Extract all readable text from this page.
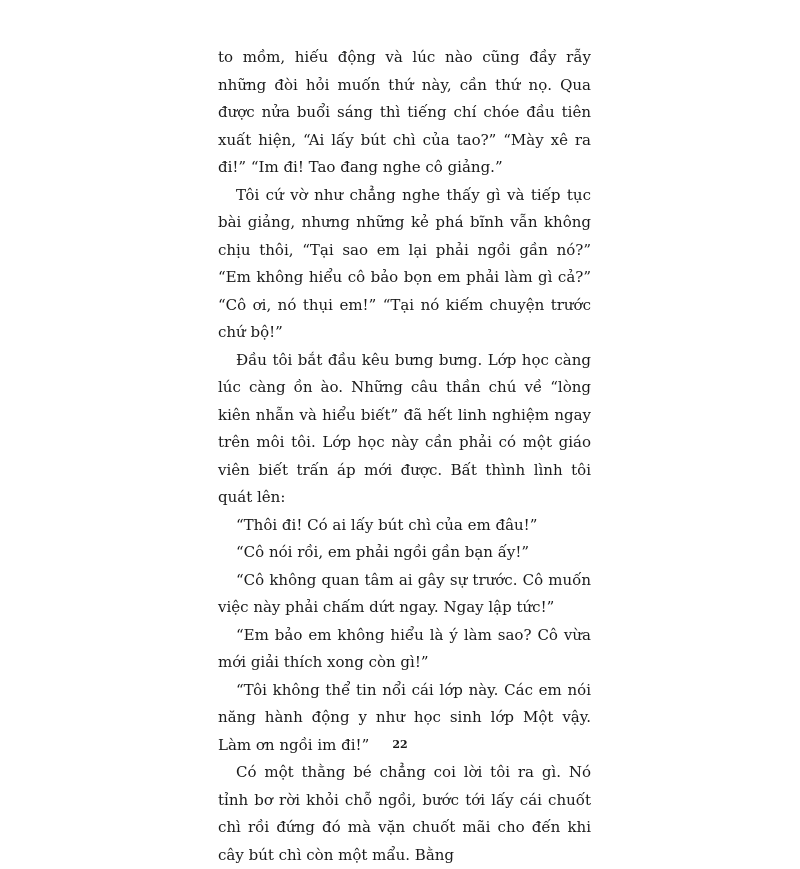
to mồm, hiếu động và lúc nào cũng đầy rẫy những đòi hỏi muốn thứ này, cần thứ nọ. Qua được nửa buổi sáng thì tiếng chí chóe đầu tiên xuất hiện, “Ai lấy bút chì của tao?” “Mày xê ra đi!” “Im đi! Tao đang nghe cô giảng.”

Tôi cứ vờ như chẳng nghe thấy gì và tiếp tục bài giảng, nhưng những kẻ phá bĩnh vẫn không chịu thôi, “Tại sao em lại phải ngồi gần nó?” “Em không hiểu cô bảo bọn em phải làm gì cả?” “Cô ơi, nó thụi em!” “Tại nó kiếm chuyện trước chứ bộ!”

Đầu tôi bắt đầu kêu bưng bưng. Lớp học càng lúc càng ồn ào. Những câu thần chú về “lòng kiên nhẫn và hiểu biết” đã hết linh nghiệm ngay trên môi tôi. Lớp học này cần phải có một giáo viên biết trấn áp mới được. Bất thình lình tôi quát lên:

“Thôi đi! Có ai lấy bút chì của em đâu!”

“Cô nói rồi, em phải ngồi gần bạn ấy!”

“Cô không quan tâm ai gây sự trước. Cô muốn việc này phải chấm dứt ngay. Ngay lập tức!”

“Em bảo em không hiểu là ý làm sao? Cô vừa mới giải thích xong còn gì!”

“Tôi không thể tin nổi cái lớp này. Các em nói năng hành động y như học sinh lớp Một vậy. Làm ơn ngồi im đi!”

Có một thằng bé chẳng coi lời tôi ra gì. Nó tỉnh bơ rời khỏi chỗ ngồi, bước tới lấy cái chuốt chì rồi đứng đó mà vặn chuốt mãi cho đến khi cây bút chì còn một mẩu. Bằng

22
